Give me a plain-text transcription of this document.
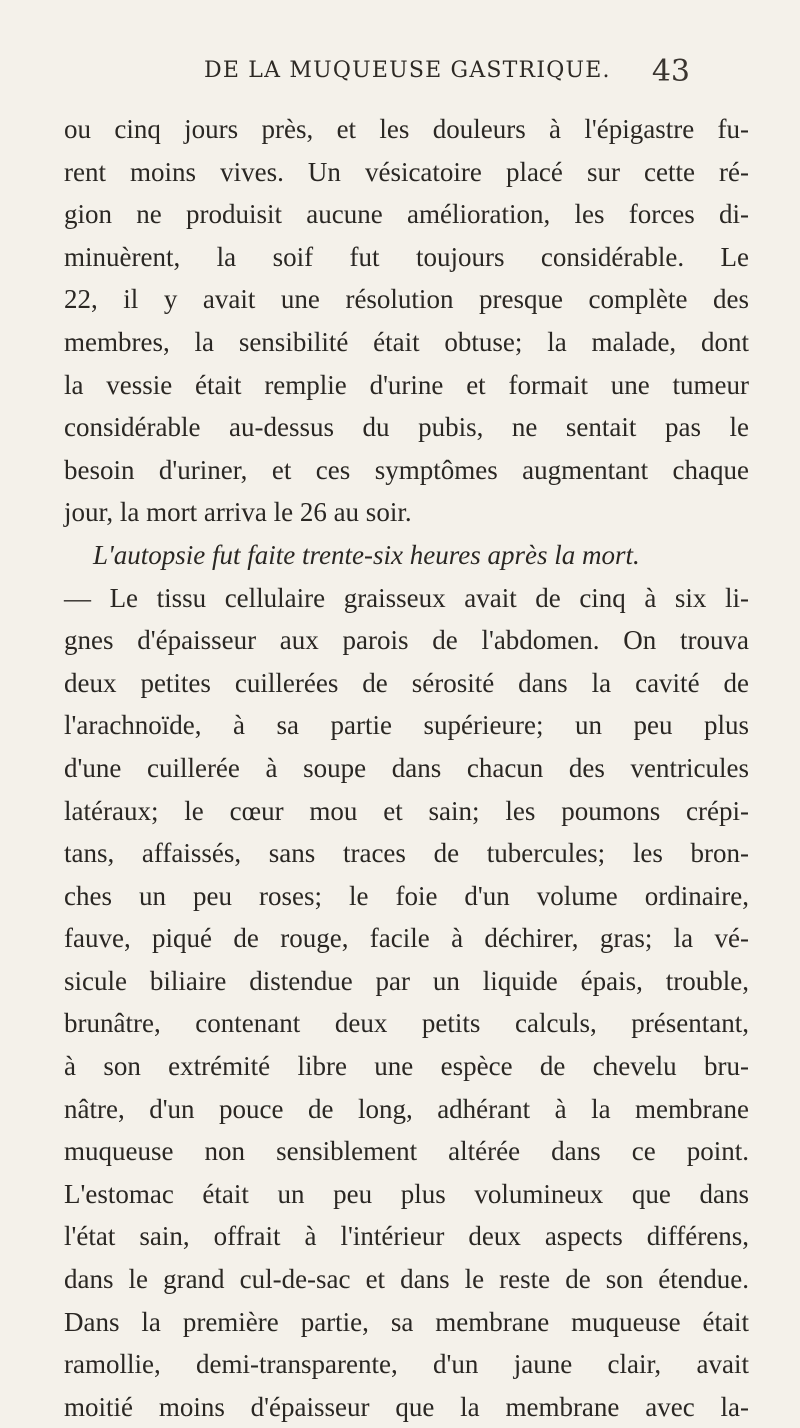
DE LA MUQUEUSE GASTRIQUE. 43
ou cinq jours près, et les douleurs à l'épigastre fu-
rent moins vives. Un vésicatoire placé sur cette ré-
gion ne produisit aucune amélioration, les forces di-
minuèrent, la soif fut toujours considérable. Le
22, il y avait une résolution presque complète des
membres, la sensibilité était obtuse; la malade, dont
la vessie était remplie d'urine et formait une tumeur
considérable au-dessus du pubis, ne sentait pas le
besoin d'uriner, et ces symptômes augmentant chaque
jour, la mort arriva le 26 au soir.
L'autopsie fut faite trente-six heures après la mort.
— Le tissu cellulaire graisseux avait de cinq à six li-
gnes d'épaisseur aux parois de l'abdomen. On trouva
deux petites cuillerées de sérosité dans la cavité de
l'arachnoïde, à sa partie supérieure; un peu plus
d'une cuillerée à soupe dans chacun des ventricules
latéraux; le cœur mou et sain; les poumons crépi-
tans, affaissés, sans traces de tubercules; les bron-
ches un peu roses; le foie d'un volume ordinaire,
fauve, piqué de rouge, facile à déchirer, gras; la vé-
sicule biliaire distendue par un liquide épais, trouble,
brunâtre, contenant deux petits calculs, présentant,
à son extrémité libre une espèce de chevelu bru-
nâtre, d'un pouce de long, adhérant à la membrane
muqueuse non sensiblement altérée dans ce point.
L'estomac était un peu plus volumineux que dans
l'état sain, offrait à l'intérieur deux aspects différens,
dans le grand cul-de-sac et dans le reste de son étendue.
Dans la première partie, sa membrane muqueuse était
ramollie, demi-transparente, d'un jaune clair, avait
moitié moins d'épaisseur que la membrane avec la-
